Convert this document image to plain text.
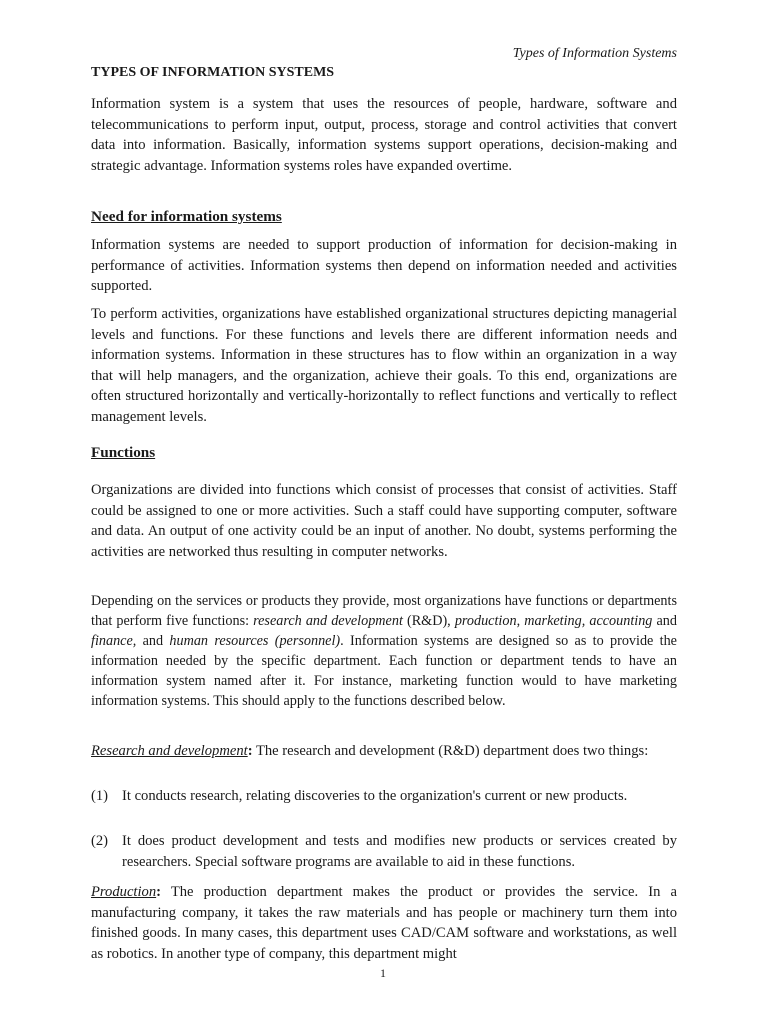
Types of Information Systems
TYPES OF INFORMATION SYSTEMS

Information system is a system that uses the resources of people, hardware, software and telecommunications to perform input, output, process, storage and control activities that convert data into information. Basically, information systems support operations, decision-making and strategic advantage. Information systems roles have expanded overtime.

Need for information systems

Information systems are needed to support production of information for decision-making in performance of activities. Information systems then depend on information needed and activities supported.

To perform activities, organizations have established organizational structures depicting managerial levels and functions. For these functions and levels there are different information needs and information systems. Information in these structures has to flow within an organization in a way that will help managers, and the organization, achieve their goals. To this end, organizations are often structured horizontally and vertically-horizontally to reflect functions and vertically to reflect management levels.

Functions

Organizations are divided into functions which consist of processes that consist of activities. Staff could be assigned to one or more activities. Such a staff could have supporting computer, software and data. An output of one activity could be an input of another. No doubt, systems performing the activities are networked thus resulting in computer networks.

Depending on the services or products they provide, most organizations have functions or departments that perform five functions: research and development (R&D), production, marketing, accounting and finance, and human resources (personnel). Information systems are designed so as to provide the information needed by the specific department. Each function or department tends to have an information system named after it. For instance, marketing function would to have marketing information systems. This should apply to the functions described below.

Research and development: The research and development (R&D) department does two things:

(1) It conducts research, relating discoveries to the organization's current or new products.
(2) It does product development and tests and modifies new products or services created by researchers. Special software programs are available to aid in these functions.

Production: The production department makes the product or provides the service. In a manufacturing company, it takes the raw materials and has people or machinery turn them into finished goods. In many cases, this department uses CAD/CAM software and workstations, as well as robotics. In another type of company, this department might

1
